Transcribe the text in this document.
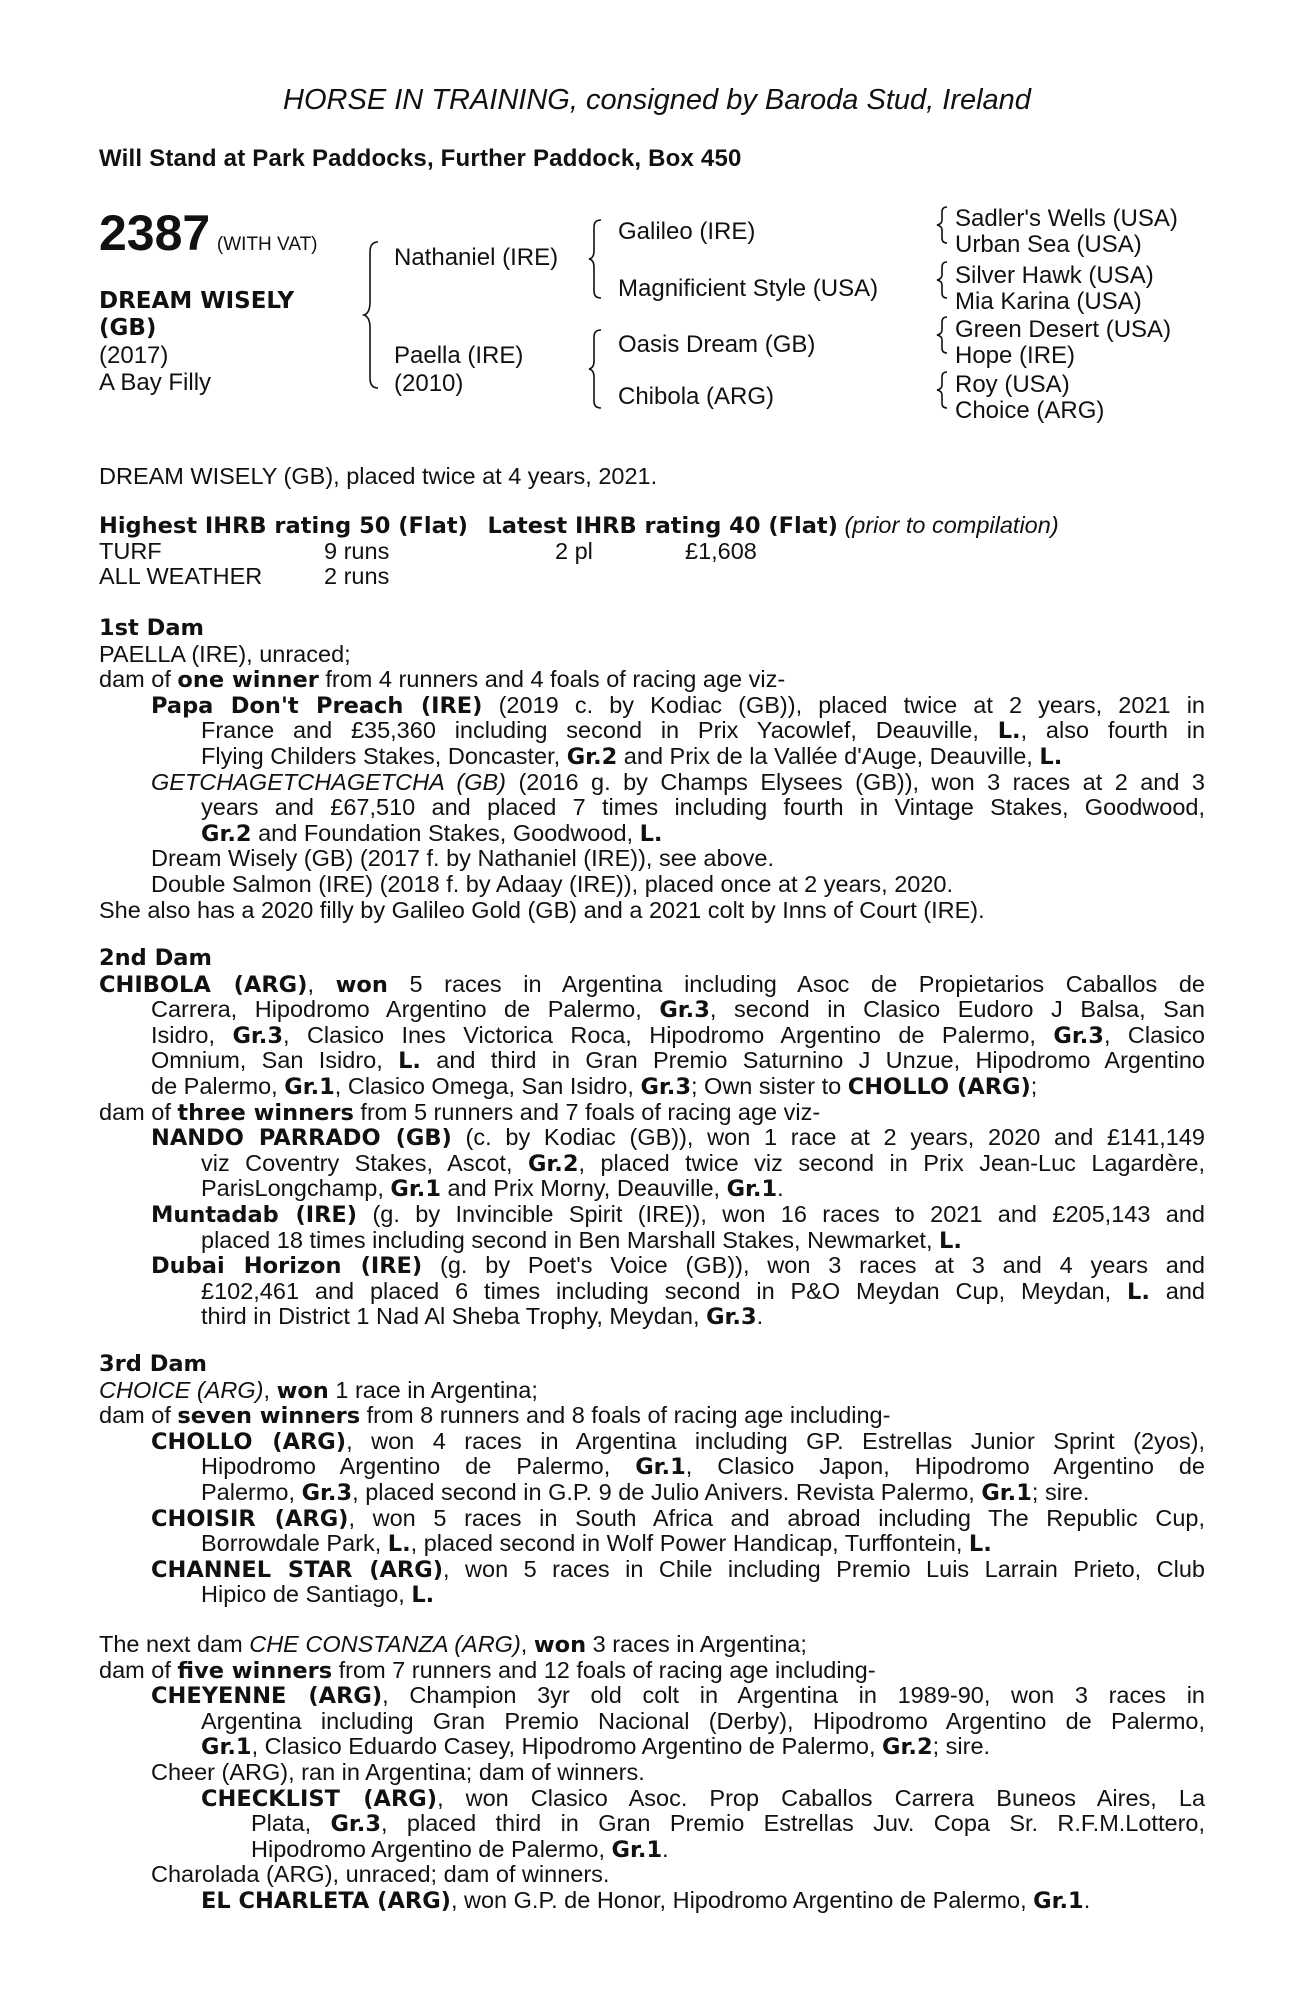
HORSE IN TRAINING, consigned by Baroda Stud, Ireland
Will Stand at Park Paddocks, Further Paddock, Box 450
2387 (WITH VAT)
DREAM WISELY
(GB)
(2017)
A Bay Filly
Nathaniel (IRE)
Paella (IRE)
(2010)
Galileo (IRE)
Magnificient Style (USA)
Oasis Dream (GB)
Chibola (ARG)
Sadler's Wells (USA)
Urban Sea (USA)
Silver Hawk (USA)
Mia Karina (USA)
Green Desert (USA)
Hope (IRE)
Roy (USA)
Choice (ARG)
DREAM WISELY (GB), placed twice at 4 years, 2021.
Highest IHRB rating 50 (Flat) Latest IHRB rating 40 (Flat) (prior to compilation)
TURF	9 runs	2 pl	£1,608
ALL WEATHER	2 runs
1st Dam
PAELLA (IRE), unraced;
dam of one winner from 4 runners and 4 foals of racing age viz-
Papa Don't Preach (IRE) (2019 c. by Kodiac (GB)), placed twice at 2 years, 2021 in
France and £35,360 including second in Prix Yacowlef, Deauville, L., also fourth in
Flying Childers Stakes, Doncaster, Gr.2 and Prix de la Vallée d'Auge, Deauville, L.
GETCHAGETCHAGETCHA (GB) (2016 g. by Champs Elysees (GB)), won 3 races at 2 and 3
years and £67,510 and placed 7 times including fourth in Vintage Stakes, Goodwood,
Gr.2 and Foundation Stakes, Goodwood, L.
Dream Wisely (GB) (2017 f. by Nathaniel (IRE)), see above.
Double Salmon (IRE) (2018 f. by Adaay (IRE)), placed once at 2 years, 2020.
She also has a 2020 filly by Galileo Gold (GB) and a 2021 colt by Inns of Court (IRE).
2nd Dam
CHIBOLA (ARG), won 5 races in Argentina including Asoc de Propietarios Caballos de
Carrera, Hipodromo Argentino de Palermo, Gr.3, second in Clasico Eudoro J Balsa, San
Isidro, Gr.3, Clasico Ines Victorica Roca, Hipodromo Argentino de Palermo, Gr.3, Clasico
Omnium, San Isidro, L. and third in Gran Premio Saturnino J Unzue, Hipodromo Argentino
de Palermo, Gr.1, Clasico Omega, San Isidro, Gr.3; Own sister to CHOLLO (ARG);
dam of three winners from 5 runners and 7 foals of racing age viz-
NANDO PARRADO (GB) (c. by Kodiac (GB)), won 1 race at 2 years, 2020 and £141,149
viz Coventry Stakes, Ascot, Gr.2, placed twice viz second in Prix Jean-Luc Lagardère,
ParisLongchamp, Gr.1 and Prix Morny, Deauville, Gr.1.
Muntadab (IRE) (g. by Invincible Spirit (IRE)), won 16 races to 2021 and £205,143 and
placed 18 times including second in Ben Marshall Stakes, Newmarket, L.
Dubai Horizon (IRE) (g. by Poet's Voice (GB)), won 3 races at 3 and 4 years and
£102,461 and placed 6 times including second in P&O Meydan Cup, Meydan, L. and
third in District 1 Nad Al Sheba Trophy, Meydan, Gr.3.
3rd Dam
CHOICE (ARG), won 1 race in Argentina;
dam of seven winners from 8 runners and 8 foals of racing age including-
CHOLLO (ARG), won 4 races in Argentina including GP. Estrellas Junior Sprint (2yos),
Hipodromo Argentino de Palermo, Gr.1, Clasico Japon, Hipodromo Argentino de
Palermo, Gr.3, placed second in G.P. 9 de Julio Anivers. Revista Palermo, Gr.1; sire.
CHOISIR (ARG), won 5 races in South Africa and abroad including The Republic Cup,
Borrowdale Park, L., placed second in Wolf Power Handicap, Turffontein, L.
CHANNEL STAR (ARG), won 5 races in Chile including Premio Luis Larrain Prieto, Club
Hipico de Santiago, L.
The next dam CHE CONSTANZA (ARG), won 3 races in Argentina;
dam of five winners from 7 runners and 12 foals of racing age including-
CHEYENNE (ARG), Champion 3yr old colt in Argentina in 1989-90, won 3 races in
Argentina including Gran Premio Nacional (Derby), Hipodromo Argentino de Palermo,
Gr.1, Clasico Eduardo Casey, Hipodromo Argentino de Palermo, Gr.2; sire.
Cheer (ARG), ran in Argentina; dam of winners.
CHECKLIST (ARG), won Clasico Asoc. Prop Caballos Carrera Buneos Aires, La
Plata, Gr.3, placed third in Gran Premio Estrellas Juv. Copa Sr. R.F.M.Lottero,
Hipodromo Argentino de Palermo, Gr.1.
Charolada (ARG), unraced; dam of winners.
EL CHARLETA (ARG), won G.P. de Honor, Hipodromo Argentino de Palermo, Gr.1.
